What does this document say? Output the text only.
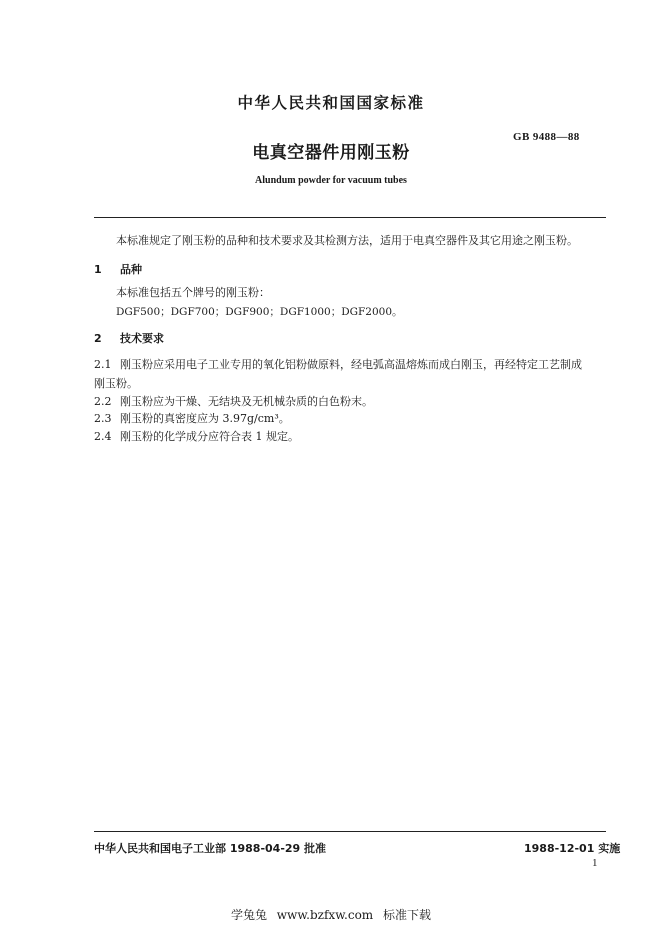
中华人民共和国国家标准
GB 9488—88
电真空器件用刚玉粉
Alundum powder for vacuum tubes
本标准规定了刚玉粉的品种和技术要求及其检测方法，适用于电真空器件及其它用途之刚玉粉。
1 品种
本标准包括五个牌号的刚玉粉：
DGF500；DGF700；DGF900；DGF1000；DGF2000。
2 技术要求
2.1 刚玉粉应采用电子工业专用的氧化铝粉做原料，经电弧高温熔炼而成白刚玉，再经特定工艺制成
刚玉粉。
2.2 刚玉粉应为干燥、无结块及无机械杂质的白色粉末。
2.3 刚玉粉的真密度应为 3.97g/cm³。
2.4 刚玉粉的化学成分应符合表 1 规定。
中华人民共和国电子工业部 1988-04-29 批准	1988-12-01 实施
1
学兔兔 www.bzfxw.com 标准下载
